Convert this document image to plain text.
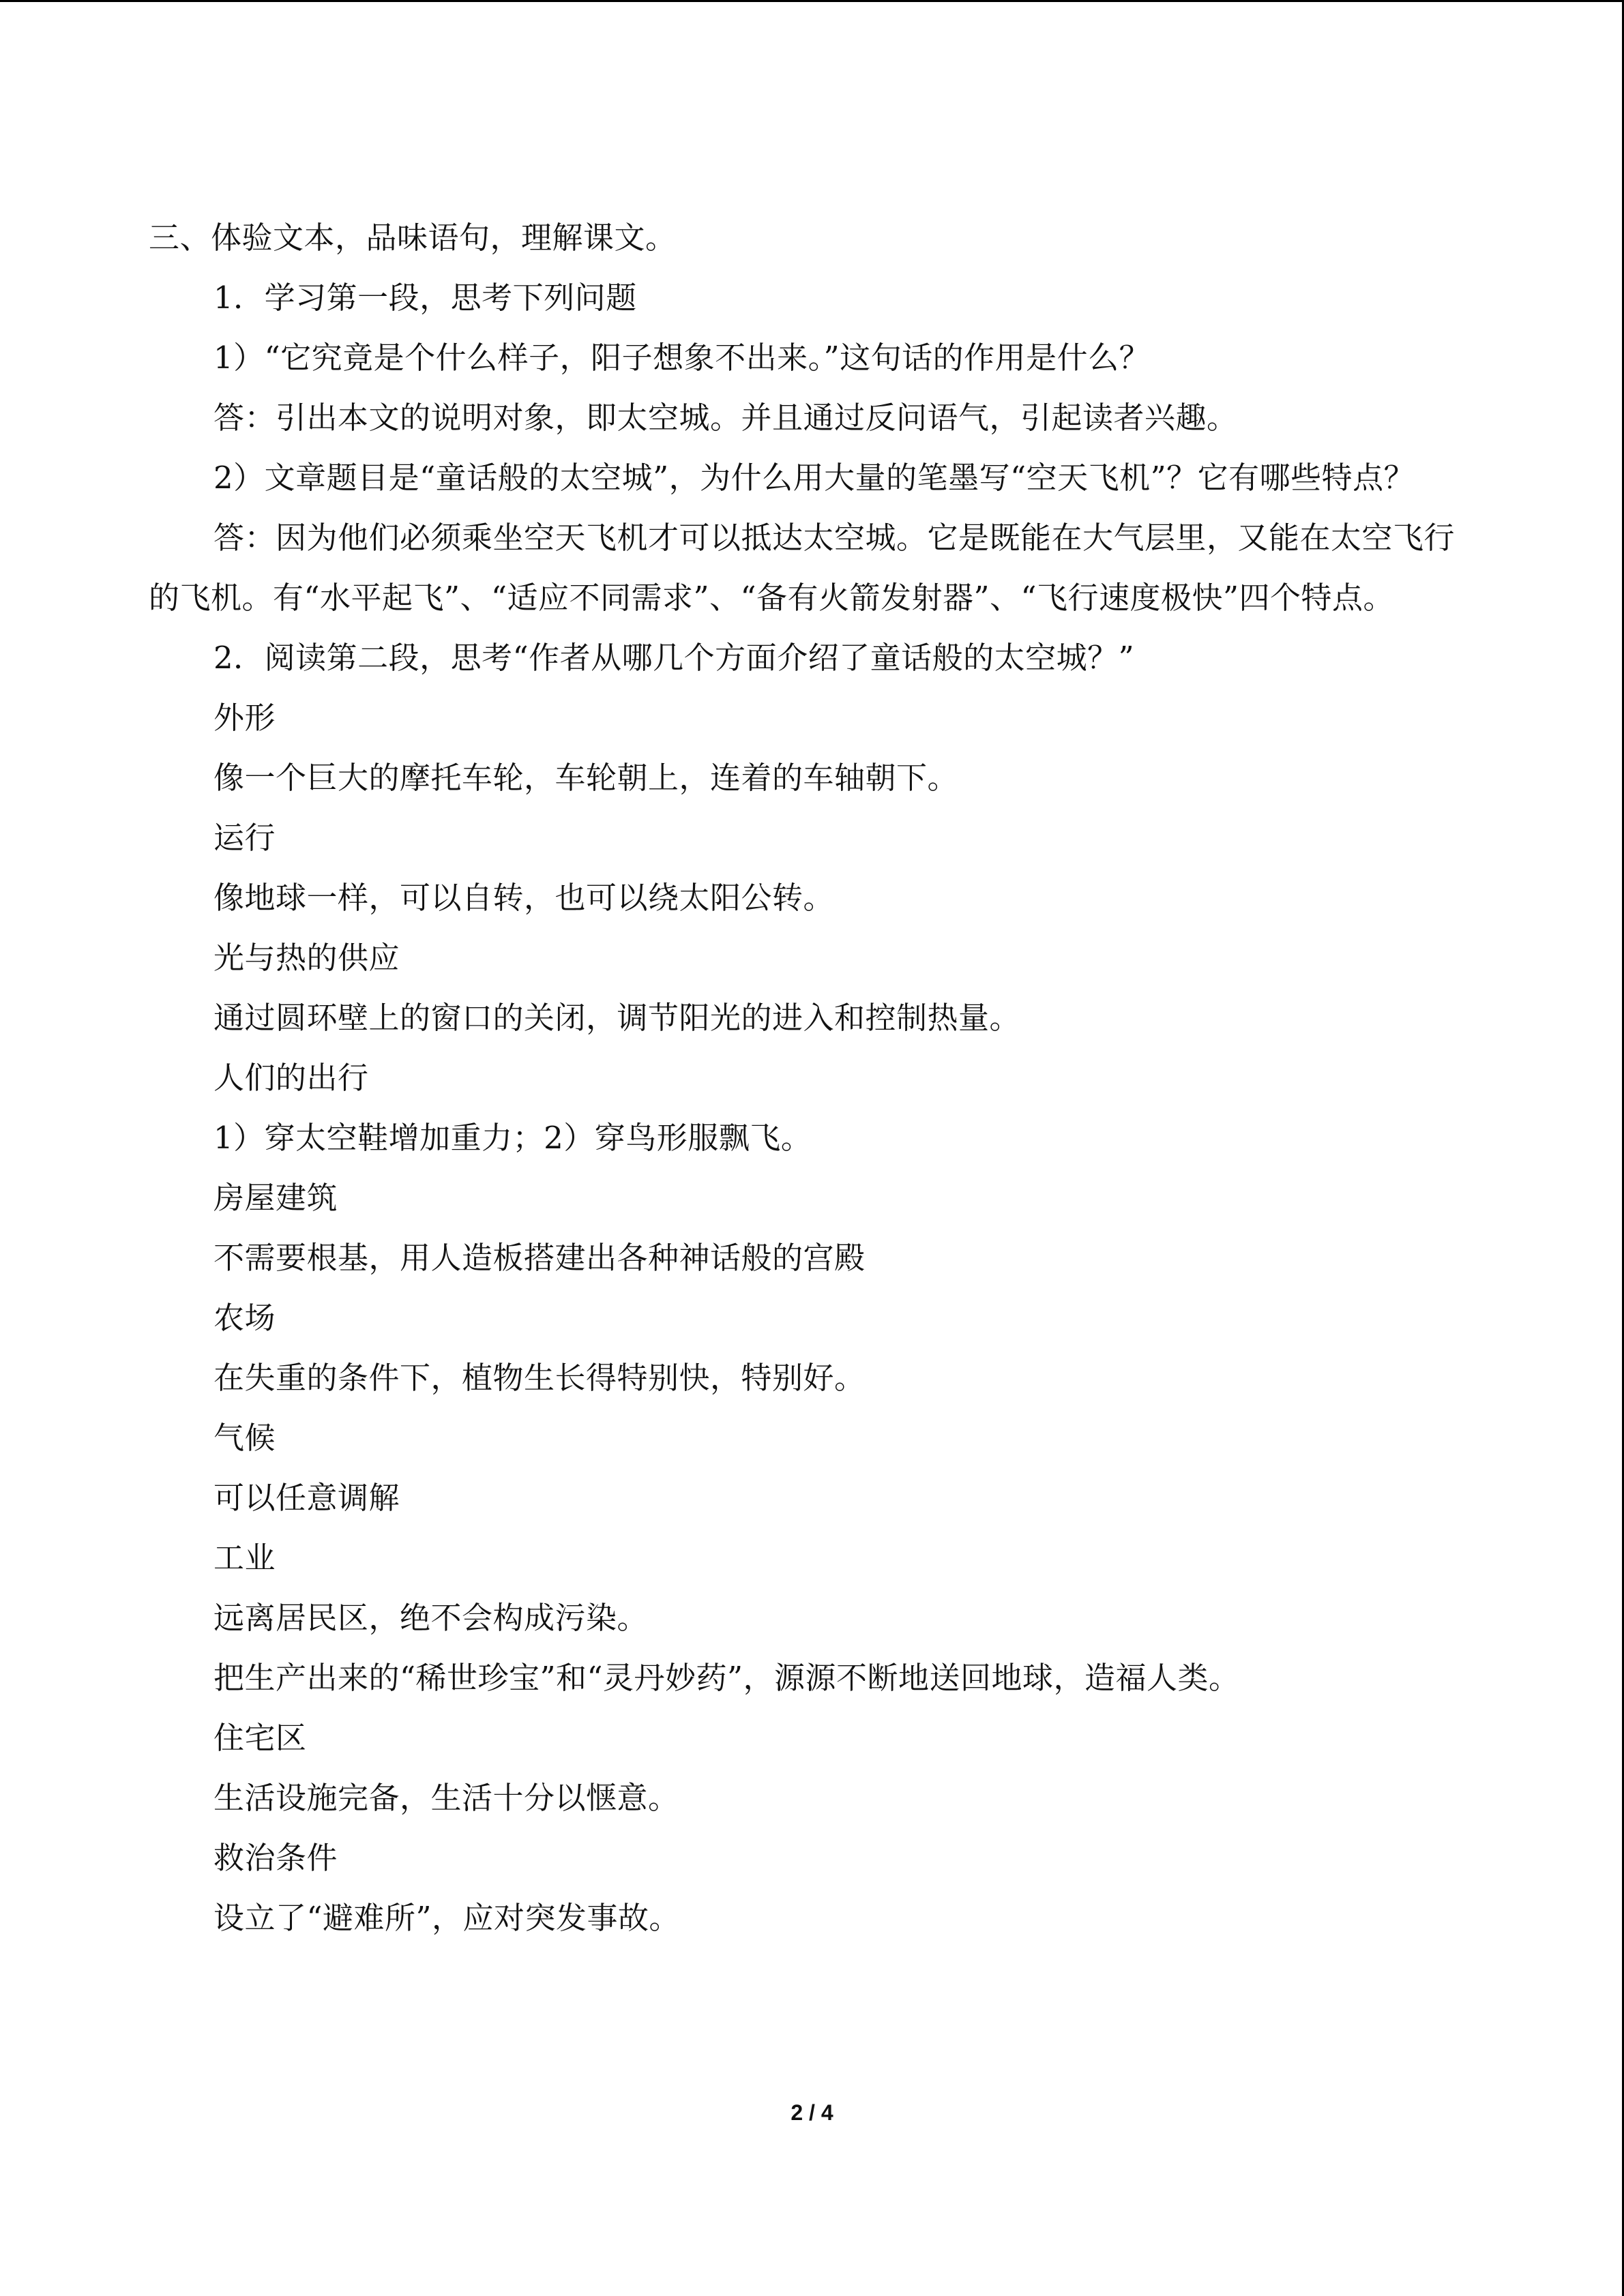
三、体验文本，品味语句，理解课文。
1．学习第一段，思考下列问题
1）“它究竟是个什么样子，阳子想象不出来。”这句话的作用是什么？
答：引出本文的说明对象，即太空城。并且通过反问语气，引起读者兴趣。
2）文章题目是“童话般的太空城”，为什么用大量的笔墨写“空天飞机”？它有哪些特点？
答：因为他们必须乘坐空天飞机才可以抵达太空城。它是既能在大气层里，又能在太空飞行的飞机。有“水平起飞”、“适应不同需求”、“备有火箭发射器”、“飞行速度极快”四个特点。
2．阅读第二段，思考“作者从哪几个方面介绍了童话般的太空城？”
外形
像一个巨大的摩托车轮，车轮朝上，连着的车轴朝下。
运行
像地球一样，可以自转，也可以绕太阳公转。
光与热的供应
通过圆环壁上的窗口的关闭，调节阳光的进入和控制热量。
人们的出行
1）穿太空鞋增加重力；2）穿鸟形服飘飞。
房屋建筑
不需要根基，用人造板搭建出各种神话般的宫殿
农场
在失重的条件下，植物生长得特别快，特别好。
气候
可以任意调解
工业
远离居民区，绝不会构成污染。
把生产出来的“稀世珍宝”和“灵丹妙药”，源源不断地送回地球，造福人类。
住宅区
生活设施完备，生活十分以惬意。
救治条件
设立了“避难所”，应对突发事故。
2 / 4
